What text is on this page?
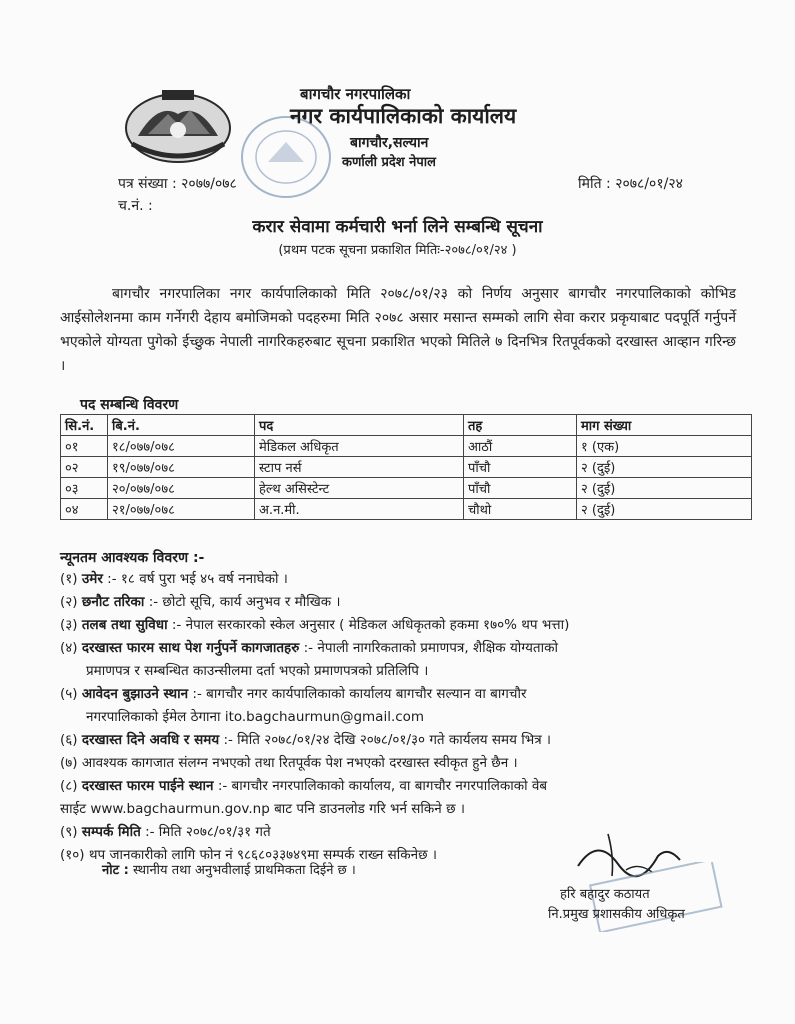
बागचौर नगरपालिका
नगर कार्यपालिकाको कार्यालय
बागचौर,सल्यान
कर्णाली प्रदेश नेपाल
पत्र संख्या : २०७७/०७८
च.नं. :
मिति : २०७८/०१/२४
करार सेवामा कर्मचारी भर्ना लिने सम्बन्धि सूचना
(प्रथम पटक सूचना प्रकाशित मितिः-२०७८/०१/२४ )
बागचौर नगरपालिका नगर कार्यपालिकाको मिति २०७८/०१/२३ को निर्णय अनुसार बागचौर नगरपालिकाको कोभिड आईसोलेशनमा काम गर्नेगरी देहाय बमोजिमको पदहरुमा मिति २०७८ असार मसान्त सम्मको लागि सेवा करार प्रकृयाबाट पदपूर्ति गर्नुपर्ने भएकोले योग्यता पुगेको ईच्छुक नेपाली नागरिकहरुबाट सूचना प्रकाशित भएको मितिले ७ दिनभित्र रितपूर्वकको दरखास्त आव्हान गरिन्छ ।
पद सम्बन्धि विवरण
सि.नं.	बि.नं.	पद	तह	माग संख्या
०१	१८/०७७/०७८	मेडिकल अधिकृत	आठौं	१ (एक)
०२	१९/०७७/०७८	स्टाप नर्स	पाँचौ	२ (दुई)
०३	२०/०७७/०७८	हेल्थ असिस्टेन्ट	पाँचौ	२ (दुई)
०४	२१/०७७/०७८	अ.न.मी.	चौथो	२ (दुई)
न्यूनतम आवश्यक विवरण :-
(१) उमेर :- १८ वर्ष पुरा भई ४५ वर्ष ननाघेको ।
(२) छनौट तरिका :- छोटो सूचि, कार्य अनुभव र मौखिक ।
(३) तलब तथा सुविधा :- नेपाल सरकारको स्केल अनुसार ( मेडिकल अधिकृतको हकमा १७०% थप भत्ता)
(४) दरखास्त फारम साथ पेश गर्नुपर्ने कागजातहरु :- नेपाली नागरिकताको प्रमाणपत्र, शैक्षिक योग्यताको
प्रमाणपत्र र सम्बन्धित काउन्सीलमा दर्ता भएको प्रमाणपत्रको प्रतिलिपि ।
(५) आवेदन बुझाउने स्थान :- बागचौर नगर कार्यपालिकाको कार्यालय बागचौर सल्यान वा बागचौर
नगरपालिकाको ईमेल ठेगाना ito.bagchaurmun@gmail.com
(६) दरखास्त दिने अवधि र समय :- मिति २०७८/०१/२४ देखि २०७८/०१/३० गते कार्यलय समय भित्र ।
(७) आवश्यक कागजात संलग्न नभएको तथा रितपूर्वक पेश नभएको दरखास्त स्वीकृत हुने छैन ।
(८) दरखास्त फारम पाईने स्थान :- बागचौर नगरपालिकाको कार्यालय, वा बागचौर नगरपालिकाको वेब
साईट www.bagchaurmun.gov.np बाट पनि डाउनलोड गरि भर्न सकिने छ ।
(९) सम्पर्क मिति :- मिति २०७८/०१/३१ गते
(१०) थप जानकारीको लागि फोन नं ९८६८०३३७४९मा सम्पर्क राख्न सकिनेछ ।
नोट : स्थानीय तथा अनुभवीलाई प्राथमिकता दिईने छ ।
हरि बहादुर कठायत
नि.प्रमुख प्रशासकीय अधिकृत
